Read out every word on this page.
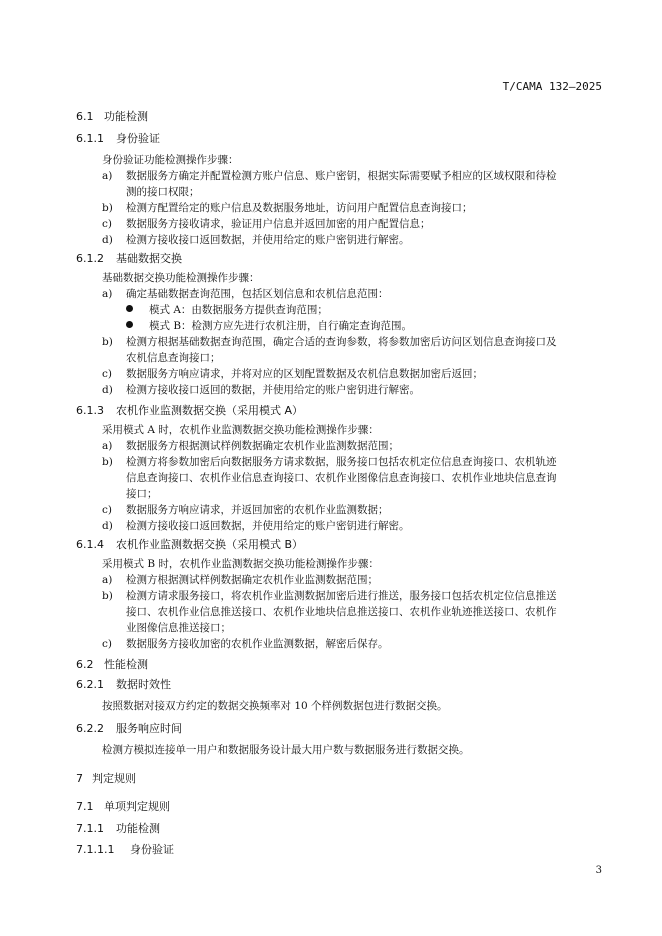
T/CAMA 132—2025
6.1 功能检测
6.1.1 身份验证
身份验证功能检测操作步骤：
a) 数据服务方确定并配置检测方账户信息、账户密钥，根据实际需要赋予相应的区域权限和待检
测的接口权限；
b) 检测方配置给定的账户信息及数据服务地址，访问用户配置信息查询接口；
c) 数据服务方接收请求，验证用户信息并返回加密的用户配置信息；
d) 检测方接收接口返回数据，并使用给定的账户密钥进行解密。
6.1.2 基础数据交换
基础数据交换功能检测操作步骤：
a) 确定基础数据查询范围，包括区划信息和农机信息范围：
模式 A：由数据服务方提供查询范围；
模式 B：检测方应先进行农机注册，自行确定查询范围。
b) 检测方根据基础数据查询范围，确定合适的查询参数，将参数加密后访问区划信息查询接口及
农机信息查询接口；
c) 数据服务方响应请求，并将对应的区划配置数据及农机信息数据加密后返回；
d) 检测方接收接口返回的数据，并使用给定的账户密钥进行解密。
6.1.3 农机作业监测数据交换（采用模式 A）
采用模式 A 时，农机作业监测数据交换功能检测操作步骤：
a) 数据服务方根据测试样例数据确定农机作业监测数据范围；
b) 检测方将参数加密后向数据服务方请求数据，服务接口包括农机定位信息查询接口、农机轨迹
信息查询接口、农机作业信息查询接口、农机作业图像信息查询接口、农机作业地块信息查询
接口；
c) 数据服务方响应请求，并返回加密的农机作业监测数据；
d) 检测方接收接口返回数据，并使用给定的账户密钥进行解密。
6.1.4 农机作业监测数据交换（采用模式 B）
采用模式 B 时，农机作业监测数据交换功能检测操作步骤：
a) 检测方根据测试样例数据确定农机作业监测数据范围；
b) 检测方请求服务接口，将农机作业监测数据加密后进行推送，服务接口包括农机定位信息推送
接口、农机作业信息推送接口、农机作业地块信息推送接口、农机作业轨迹推送接口、农机作
业图像信息推送接口；
c) 数据服务方接收加密的农机作业监测数据，解密后保存。
6.2 性能检测
6.2.1 数据时效性
按照数据对接双方约定的数据交换频率对 10 个样例数据包进行数据交换。
6.2.2 服务响应时间
检测方模拟连接单一用户和数据服务设计最大用户数与数据服务进行数据交换。
7 判定规则
7.1 单项判定规则
7.1.1 功能检测
7.1.1.1 身份验证
3
